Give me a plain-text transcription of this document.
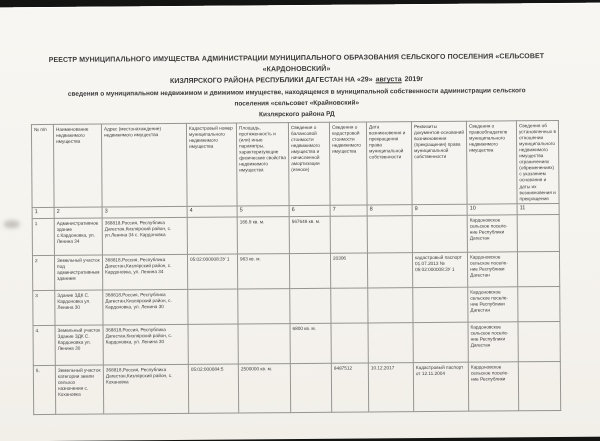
РЕЕСТР МУНИЦИПАЛЬНОГО ИМУЩЕСТВА АДМИНИСТРАЦИИ МУНИЦИПАЛЬНОГО ОБРАЗОВАНИЯ СЕЛЬСКОГО ПОСЕЛЕНИЯ «СЕЛЬСОВЕТ «КАРДОНОВСКИЙ»
КИЗЛЯРСКОГО РАЙОНА РЕСПУБЛИКИ ДАГЕСТАН НА «29» августа 2019г
сведения о муниципальном недвижимом и движимом имуществе, находящемся в муниципальной собственности администрации сельского
поселения «сельсовет «Крайновский»
Кизлярского района РД
№ п/п	Наименование недвижимого имущества	Адрес (местонахождение) недвижимого имущества	Кадастровый номер муниципального недвижимого имущества	Площадь, протяженность и (или) иные параметры, характеризующие физические свойства недвижимого имущества	Сведения о балансовой стоимости недвижимого имущества и начисленной амортизации (износе)	Сведения о кадастровой стоимости недвижимого имущества	Дата возникновения и прекращения права муниципальной собственности	Реквизиты документов-оснований возникновения (прекращения) права муниципальной собственности	Сведения о правообладателе муниципального недвижимого имущества	Сведения об установленных в отношении муниципального недвижимого имущества ограничениях (обременениях) с указанием основания и даты их возникновения и прекращения
1	2	3	4	5	6	7	8	9	10	11
1	Административное здание с.Кардоновка, ул. Ленина 34	368818,Россия, Республика Дагестан,Кизлярский район, с. ул.Ленина 34 с. Кардоновка		166.9 кв. м.	567649 кв. м.				Кардоновское сельское поселе-ние Республики Дагестан	
2	Земельный участок под административным зданием	368818,Россия, Республика Дагестан,Кизлярский район, с. Кардоновка, ул. Ленина 34	05:02:000008:3У 1	963 кв. м.		20306		кадастровый паспорт 01.07.2013 № 05:02:000008:3У 1	Кардоновское сельское поселе-ние Республики Дагестан	
3	Здание ЗДК С. Кардоновка ул. Ленина 30	368818,Россия, Республика Дагестан,Кизлярский район, с. Кардоновка, ул. Ленина 30							Кардоновское сельское поселе-ние Республики Дагестан	
4.	Земельный участок Здание ЗДК С. Кардоновка ул. Ленина 30	368818,Россия, Республика Дагестан,Кизлярский район, с. Кардоновка, ул. Ленина 30			6800 кв. м.				Кардоновское сельское поселе-ние Республики Дагестан	
5.	Земельный участок категории земли сельхоз назначения с. Кохановка	368818,Россия, Республика Дагестан,Кизлярский район, с. Кохановка	05:02:000084:5	2500000 кв. м.		8487512	10.12.2017	Кадастровый паспорт от 12.11.2004	Кардоновское сельское поселе-ние Республики	
